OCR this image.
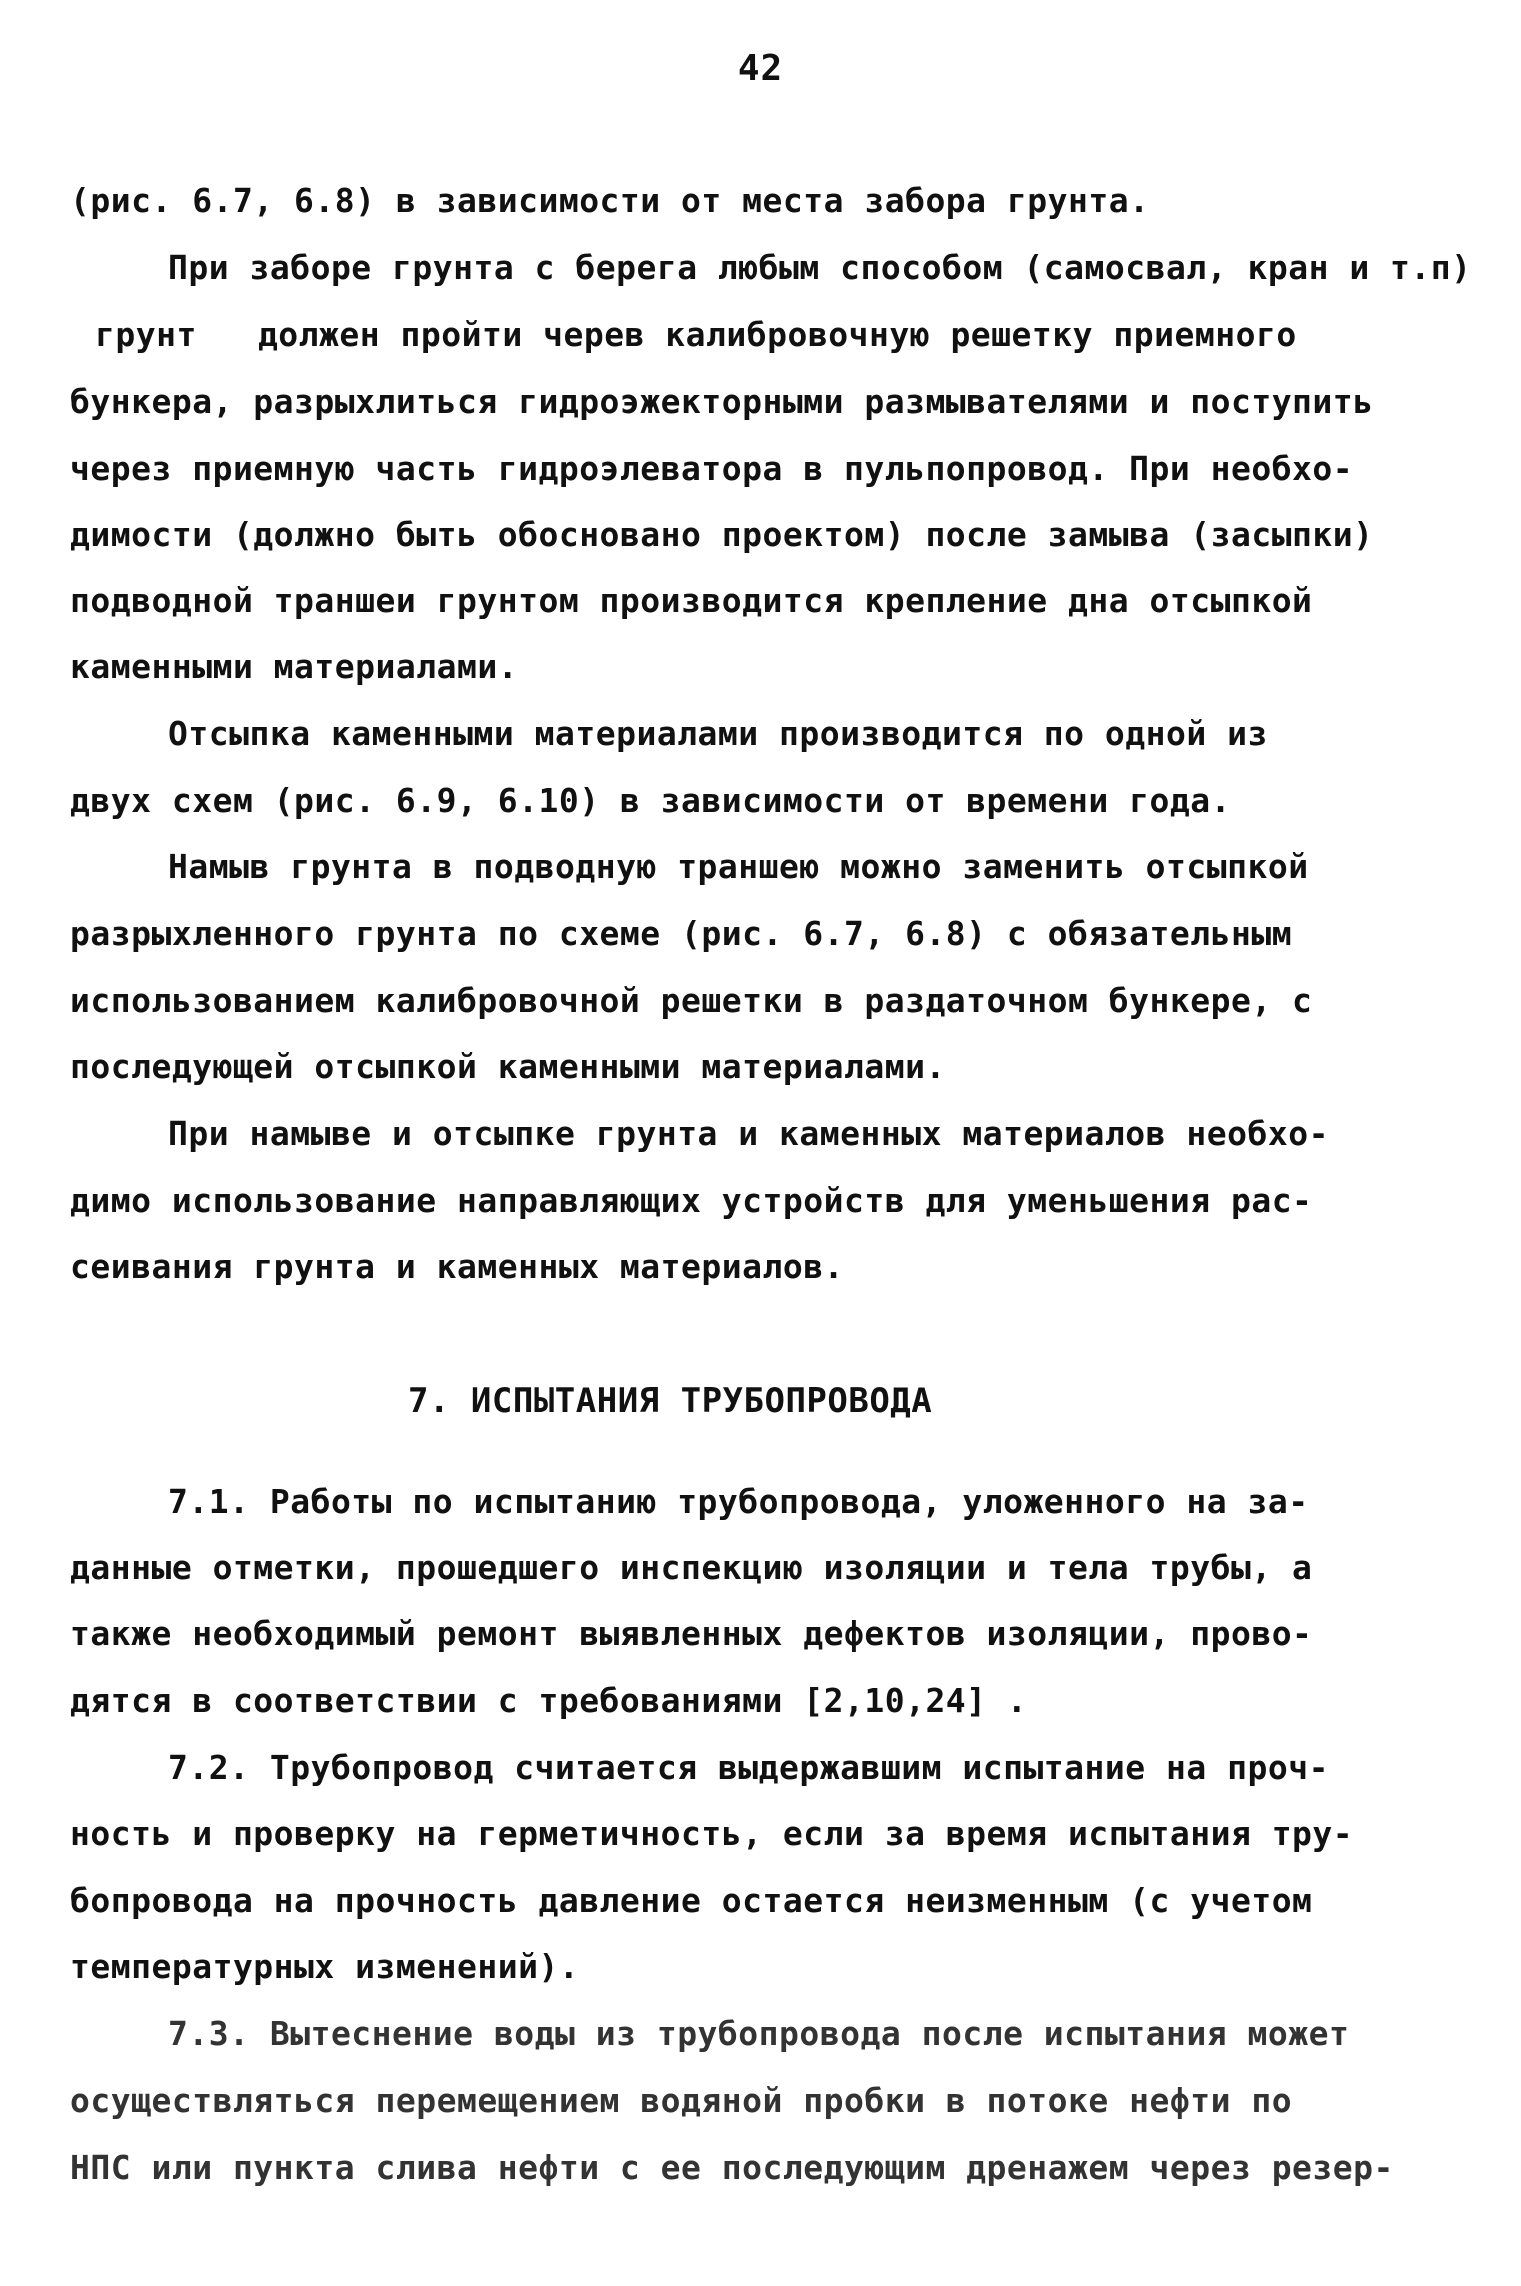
42
(рис. 6.7, 6.8) в зависимости от места забора грунта.
При заборе грунта с берега любым способом (самосвал, кран и т.п)
грунт   должен пройти черев калибровочную решетку приемного
бункера, разрыхлиться гидроэжекторными размывателями и поступить
через приемную часть гидроэлеватора в пульпопровод. При необхо-
димости (должно быть обосновано проектом) после замыва (засыпки)
подводной траншеи грунтом производится крепление дна отсыпкой
каменными материалами.
Отсыпка каменными материалами производится по одной из
двух схем (рис. 6.9, 6.10) в зависимости от времени года.
Намыв грунта в подводную траншею можно заменить отсыпкой
разрыхленного грунта по схеме (рис. 6.7, 6.8) с обязательным
использованием калибровочной решетки в раздаточном бункере, с
последующей отсыпкой каменными материалами.
При намыве и отсыпке грунта и каменных материалов необхо-
димо использование направляющих устройств для уменьшения рас-
сеивания грунта и каменных материалов.
7. ИСПЫТАНИЯ ТРУБОПРОВОДА
7.1. Работы по испытанию трубопровода, уложенного на за-
данные отметки, прошедшего инспекцию изоляции и тела трубы, а
также необходимый ремонт выявленных дефектов изоляции, прово-
дятся в соответствии с требованиями [2,10,24] .
7.2. Трубопровод считается выдержавшим испытание на проч-
ность и проверку на герметичность, если за время испытания тру-
бопровода на прочность давление остается неизменным (с учетом
температурных изменений).
7.3. Вытеснение воды из трубопровода после испытания может
осуществляться перемещением водяной пробки в потоке нефти по
НПС или пункта слива нефти с ее последующим дренажем через резер-
